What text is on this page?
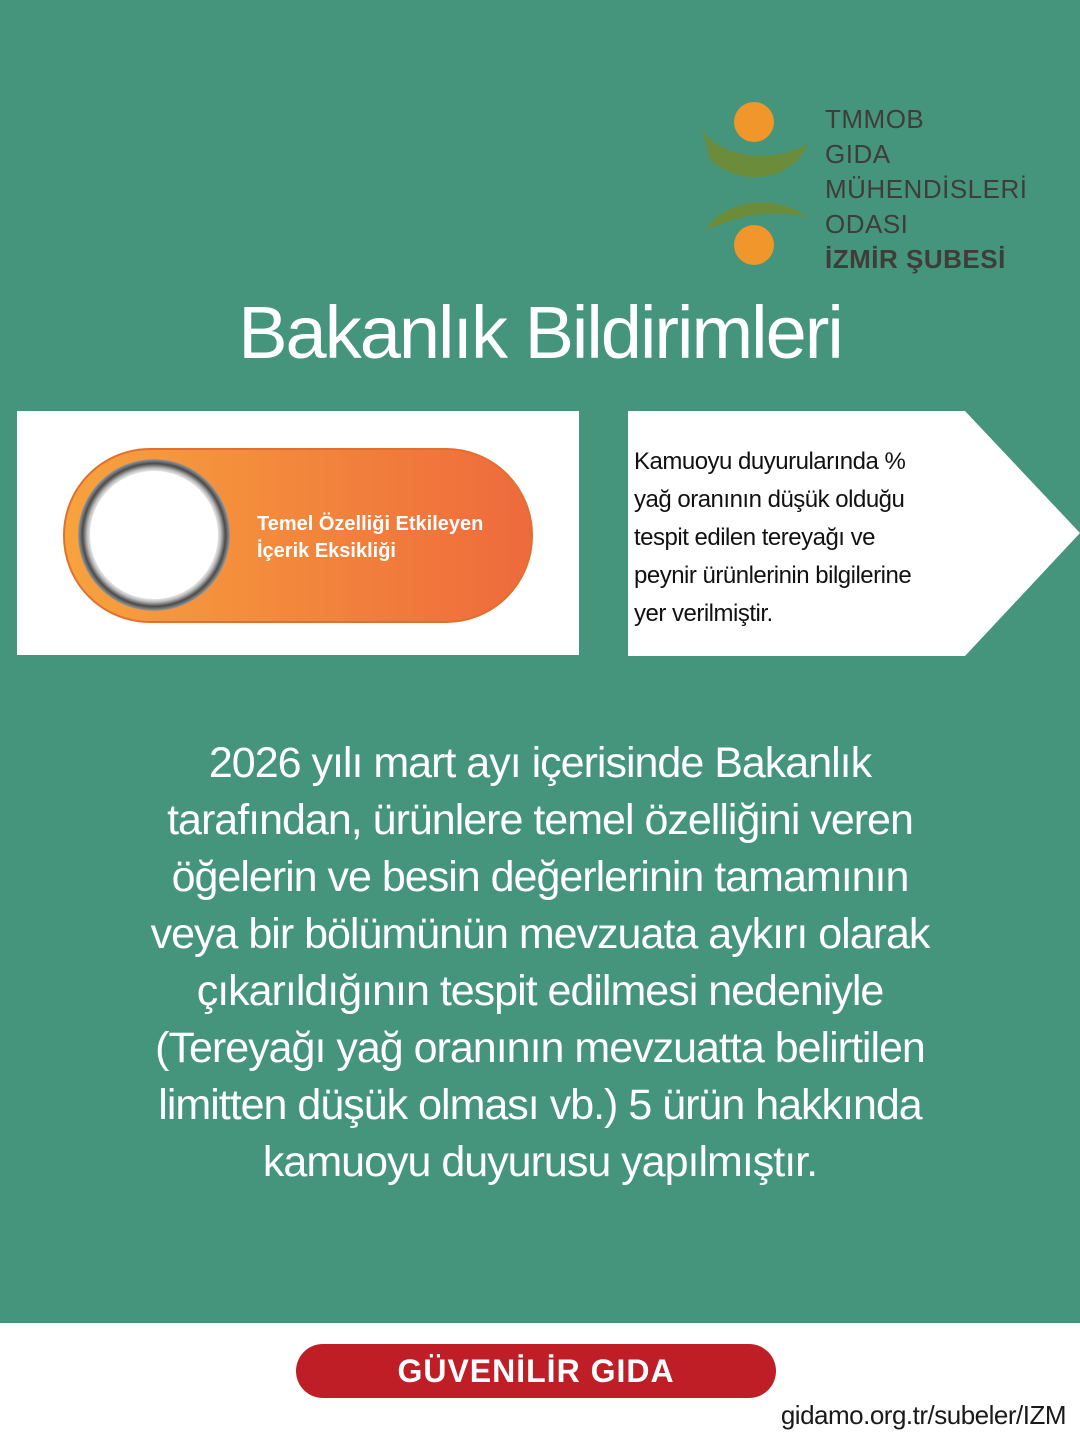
TMMOB
GIDA
MÜHENDİSLERİ
ODASI
İZMİR ŞUBESİ
Bakanlık Bildirimleri
Temel Özelliği Etkileyen
İçerik Eksikliği
Kamuoyu duyurularında %
yağ oranının düşük olduğu
tespit edilen tereyağı ve
peynir ürünlerinin bilgilerine
yer verilmiştir.
2026 yılı mart ayı içerisinde Bakanlık
tarafından, ürünlere temel özelliğini veren
öğelerin ve besin değerlerinin tamamının
veya bir bölümünün mevzuata aykırı olarak
çıkarıldığının tespit edilmesi nedeniyle
(Tereyağı yağ oranının mevzuatta belirtilen
limitten düşük olması vb.) 5 ürün hakkında
kamuoyu duyurusu yapılmıştır.
GÜVENİLİR GIDA
gidamo.org.tr/subeler/IZM
